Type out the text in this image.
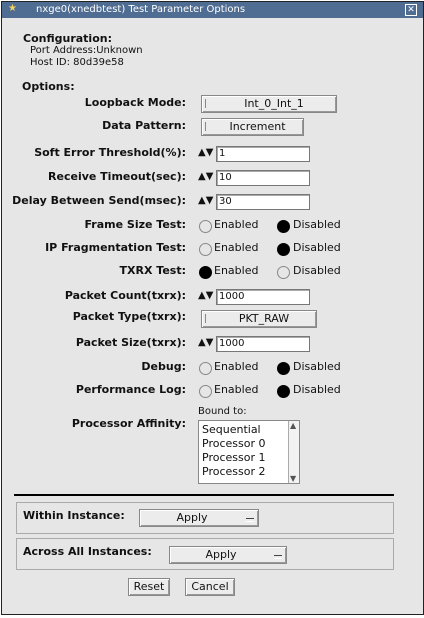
★ nxge0(xnedbtest) Test Parameter Options	✕
Configuration:
Port Address:Unknown
Host ID: 80d39e58
Options:
Loopback Mode:	Int_0_Int_1
Data Pattern:	Increment
Soft Error Threshold(%): ▲▼ 1
Receive Timeout(sec): ▲▼ 10
Delay Between Send(msec): ▲▼ 30
Frame Size Test:	Enabled	Disabled
IP Fragmentation Test:	Enabled	Disabled
TXRX Test:	Enabled	Disabled
Packet Count(txrx): ▲▼ 1000
Packet Type(txrx):	PKT_RAW
Packet Size(txrx): ▲▼ 1000
Debug:	Enabled	Disabled
Performance Log:	Enabled	Disabled
Bound to:
Processor Affinity: Sequential
Processor 0
Processor 1
Processor 2
▲
▼
Within Instance:	Apply
Across All Instances:	Apply
Reset	Cancel
